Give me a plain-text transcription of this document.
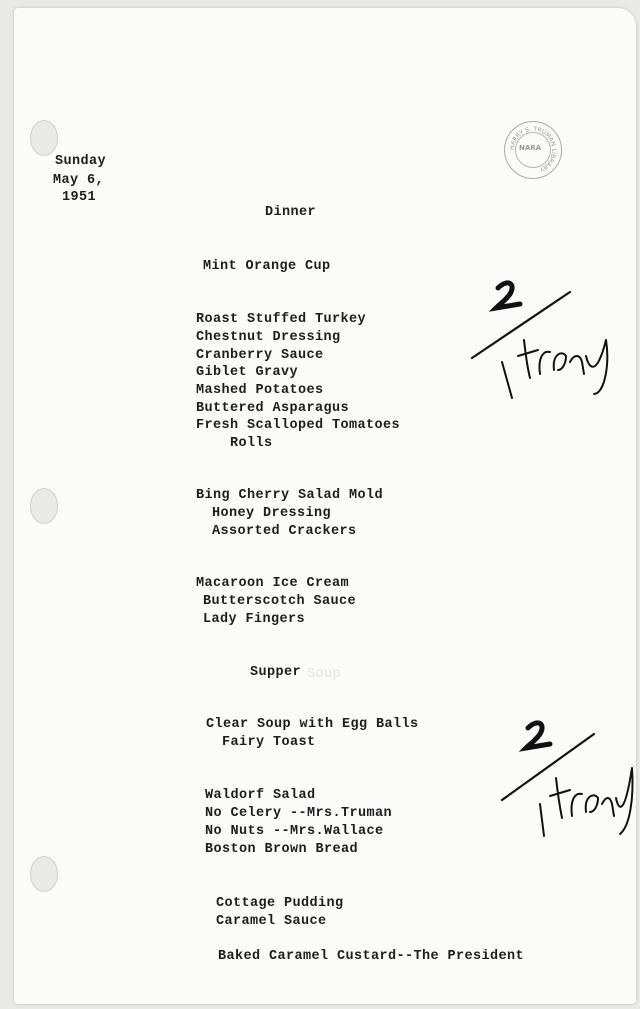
HARRY S. TRUMAN LIBRARY
NARA
Sunday
May 6,
1951
Dinner
Mint Orange Cup
Roast Stuffed Turkey
Chestnut Dressing
Cranberry Sauce
Giblet Gravy
Mashed Potatoes
Buttered Asparagus
Fresh Scalloped Tomatoes
Rolls
Bing Cherry Salad Mold
Honey Dressing
Assorted Crackers
Macaroon Ice Cream
Butterscotch Sauce
Lady Fingers
Supper Soup
Clear Soup with Egg Balls
Fairy Toast
Waldorf Salad
No Celery --Mrs.Truman
No Nuts --Mrs.Wallace
Boston Brown Bread
Cottage Pudding
Caramel Sauce
Baked Caramel Custard--The President
